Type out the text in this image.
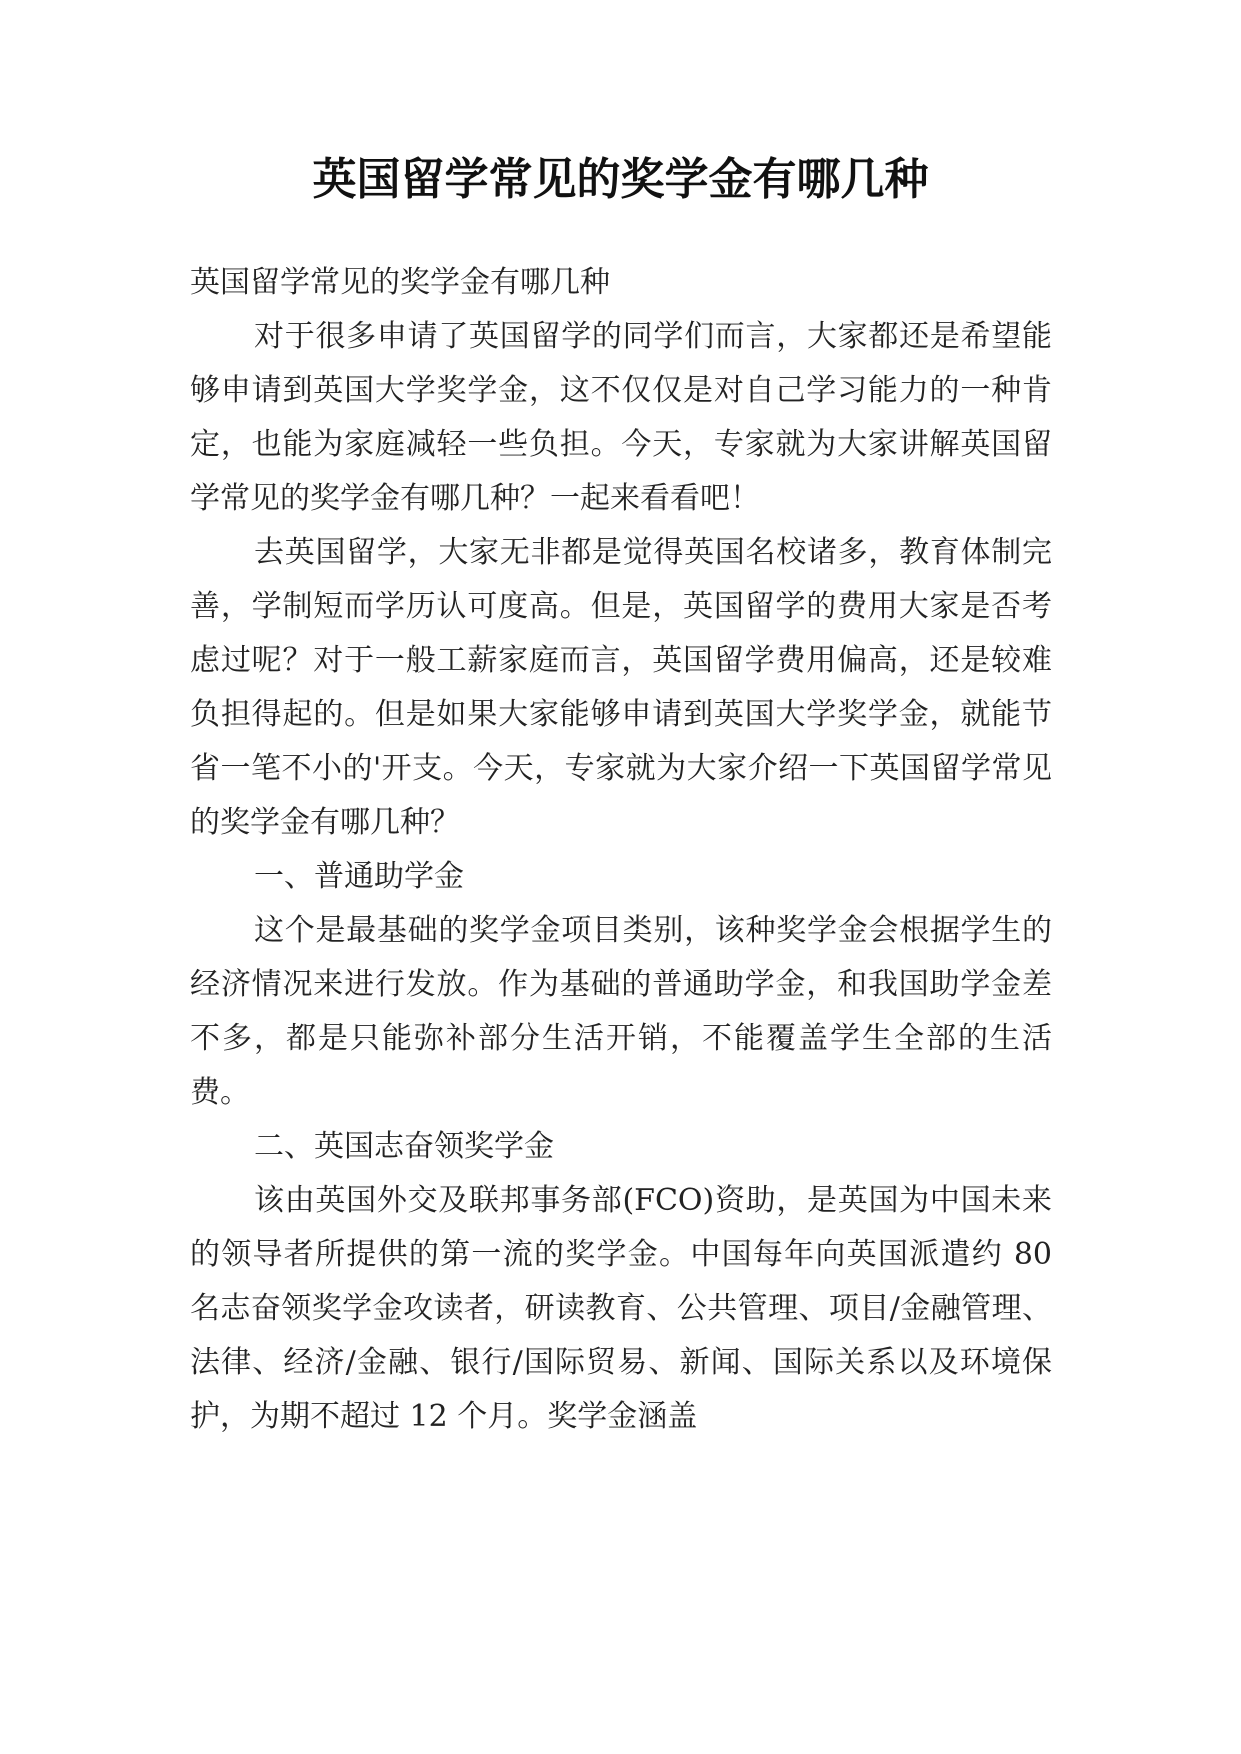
英国留学常见的奖学金有哪几种

英国留学常见的奖学金有哪几种

对于很多申请了英国留学的同学们而言，大家都还是希望能够申请到英国大学奖学金，这不仅仅是对自己学习能力的一种肯定，也能为家庭减轻一些负担。今天，专家就为大家讲解英国留学常见的奖学金有哪几种？一起来看看吧！

去英国留学，大家无非都是觉得英国名校诸多，教育体制完善，学制短而学历认可度高。但是，英国留学的费用大家是否考虑过呢？对于一般工薪家庭而言，英国留学费用偏高，还是较难负担得起的。但是如果大家能够申请到英国大学奖学金，就能节省一笔不小的'开支。今天，专家就为大家介绍一下英国留学常见的奖学金有哪几种？

一、普通助学金

这个是最基础的奖学金项目类别，该种奖学金会根据学生的经济情况来进行发放。作为基础的普通助学金，和我国助学金差不多，都是只能弥补部分生活开销，不能覆盖学生全部的生活费。

二、英国志奋领奖学金

该由英国外交及联邦事务部(FCO)资助，是英国为中国未来的领导者所提供的第一流的奖学金。中国每年向英国派遣约 80 名志奋领奖学金攻读者，研读教育、公共管理、项目/金融管理、法律、经济/金融、银行/国际贸易、新闻、国际关系以及环境保护，为期不超过 12 个月。奖学金涵盖
